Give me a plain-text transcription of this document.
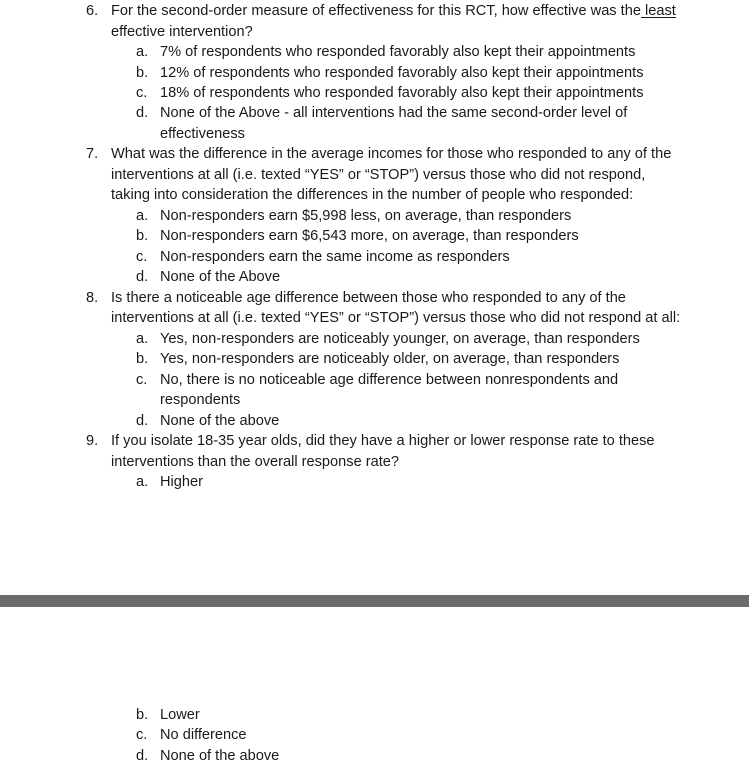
6. For the second-order measure of effectiveness for this RCT, how effective was the least
effective intervention?
a. 7% of respondents who responded favorably also kept their appointments
b. 12% of respondents who responded favorably also kept their appointments
c. 18% of respondents who responded favorably also kept their appointments
d. None of the Above - all interventions had the same second-order level of
effectiveness
7. What was the difference in the average incomes for those who responded to any of the
interventions at all (i.e. texted “YES” or “STOP”) versus those who did not respond,
taking into consideration the differences in the number of people who responded:
a. Non-responders earn $5,998 less, on average, than responders
b. Non-responders earn $6,543 more, on average, than responders
c. Non-responders earn the same income as responders
d. None of the Above
8. Is there a noticeable age difference between those who responded to any of the
interventions at all (i.e. texted “YES” or “STOP”) versus those who did not respond at all:
a. Yes, non-responders are noticeably younger, on average, than responders
b. Yes, non-responders are noticeably older, on average, than responders
c. No, there is no noticeable age difference between nonrespondents and
respondents
d. None of the above
9. If you isolate 18-35 year olds, did they have a higher or lower response rate to these
interventions than the overall response rate?
a. Higher
b. Lower
c. No difference
d. None of the above
